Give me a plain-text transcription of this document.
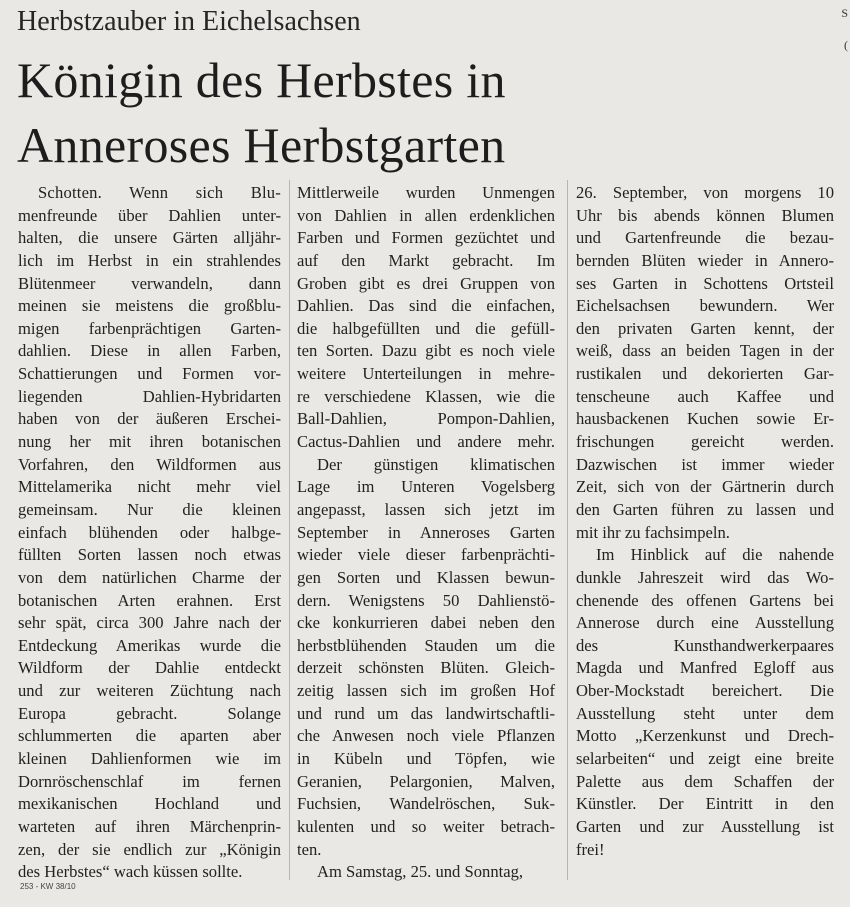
Herbstzauber in Eichelsachsen
Königin des Herbstes in
Anneroses Herbstgarten
Schotten. Wenn sich Blu-
menfreunde über Dahlien unter-
halten, die unsere Gärten alljähr-
lich im Herbst in ein strahlendes
Blütenmeer verwandeln, dann
meinen sie meistens die großblu-
migen farbenprächtigen Garten-
dahlien. Diese in allen Farben,
Schattierungen und Formen vor-
liegenden Dahlien-Hybridarten
haben von der äußeren Erschei-
nung her mit ihren botanischen
Vorfahren, den Wildformen aus
Mittelamerika nicht mehr viel
gemeinsam. Nur die kleinen
einfach blühenden oder halbge-
füllten Sorten lassen noch etwas
von dem natürlichen Charme der
botanischen Arten erahnen. Erst
sehr spät, circa 300 Jahre nach der
Entdeckung Amerikas wurde die
Wildform der Dahlie entdeckt
und zur weiteren Züchtung nach
Europa gebracht. Solange
schlummerten die aparten aber
kleinen Dahlienformen wie im
Dornröschenschlaf im fernen
mexikanischen Hochland und
warteten auf ihren Märchenprin-
zen, der sie endlich zur „Königin
des Herbstes“ wach küssen sollte.
Mittlerweile wurden Unmengen
von Dahlien in allen erdenklichen
Farben und Formen gezüchtet und
auf den Markt gebracht. Im
Groben gibt es drei Gruppen von
Dahlien. Das sind die einfachen,
die halbgefüllten und die gefüll-
ten Sorten. Dazu gibt es noch viele
weitere Unterteilungen in mehre-
re verschiedene Klassen, wie die
Ball-Dahlien, Pompon-Dahlien,
Cactus-Dahlien und andere mehr.
Der günstigen klimatischen
Lage im Unteren Vogelsberg
angepasst, lassen sich jetzt im
September in Anneroses Garten
wieder viele dieser farbenprächti-
gen Sorten und Klassen bewun-
dern. Wenigstens 50 Dahlienstö-
cke konkurrieren dabei neben den
herbstblühenden Stauden um die
derzeit schönsten Blüten. Gleich-
zeitig lassen sich im großen Hof
und rund um das landwirtschaftli-
che Anwesen noch viele Pflanzen
in Kübeln und Töpfen, wie
Geranien, Pelargonien, Malven,
Fuchsien, Wandelröschen, Suk-
kulenten und so weiter betrach-
ten.
Am Samstag, 25. und Sonntag,
26. September, von morgens 10
Uhr bis abends können Blumen
und Gartenfreunde die bezau-
bernden Blüten wieder in Annero-
ses Garten in Schottens Ortsteil
Eichelsachsen bewundern. Wer
den privaten Garten kennt, der
weiß, dass an beiden Tagen in der
rustikalen und dekorierten Gar-
tenscheune auch Kaffee und
hausbackenen Kuchen sowie Er-
frischungen gereicht werden.
Dazwischen ist immer wieder
Zeit, sich von der Gärtnerin durch
den Garten führen zu lassen und
mit ihr zu fachsimpeln.
Im Hinblick auf die nahende
dunkle Jahreszeit wird das Wo-
chenende des offenen Gartens bei
Annerose durch eine Ausstellung
des Kunsthandwerkerpaares
Magda und Manfred Egloff aus
Ober-Mockstadt bereichert. Die
Ausstellung steht unter dem
Motto „Kerzenkunst und Drech-
selarbeiten“ und zeigt eine breite
Palette aus dem Schaffen der
Künstler. Der Eintritt in den
Garten und zur Ausstellung ist
frei!
253 - KW 38/10
S
(
